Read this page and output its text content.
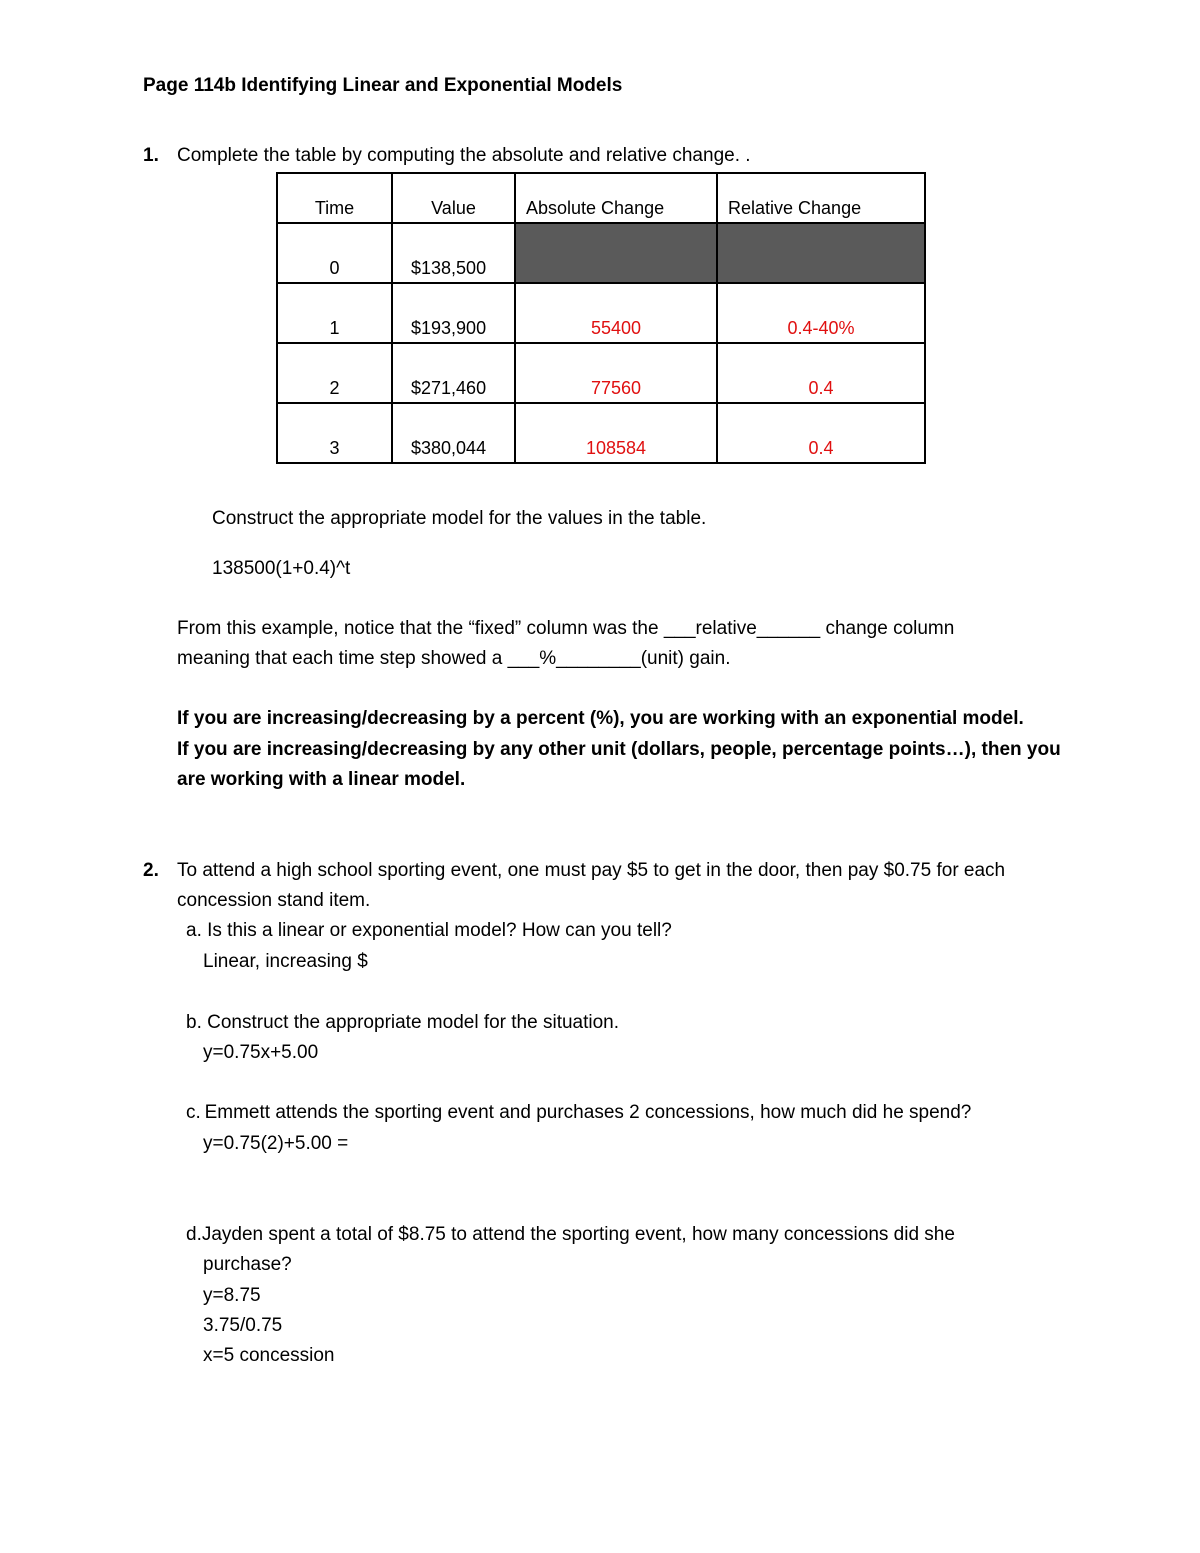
Page 114b Identifying Linear and Exponential Models
1. Complete the table by computing the absolute and relative change. .
Time	Value	Absolute Change	Relative Change
0	$138,500		
1	$193,900	55400	0.4-40%
2	$271,460	77560	0.4
3	$380,044	108584	0.4
Construct the appropriate model for the values in the table.
138500(1+0.4)^t
From this example, notice that the “fixed” column was the ___relative______ change column
meaning that each time step showed a ___%________(unit) gain.
If you are increasing/decreasing by a percent (%), you are working with an exponential model.
If you are increasing/decreasing by any other unit (dollars, people, percentage points…), then you
are working with a linear model.
2. To attend a high school sporting event, one must pay $5 to get in the door, then pay $0.75 for each
concession stand item.
a. Is this a linear or exponential model? How can you tell?
Linear, increasing $
b. Construct the appropriate model for the situation.
y=0.75x+5.00
c. Emmett attends the sporting event and purchases 2 concessions, how much did he spend?
y=0.75(2)+5.00 =
d.Jayden spent a total of $8.75 to attend the sporting event, how many concessions did she
purchase?
y=8.75
3.75/0.75
x=5 concession
